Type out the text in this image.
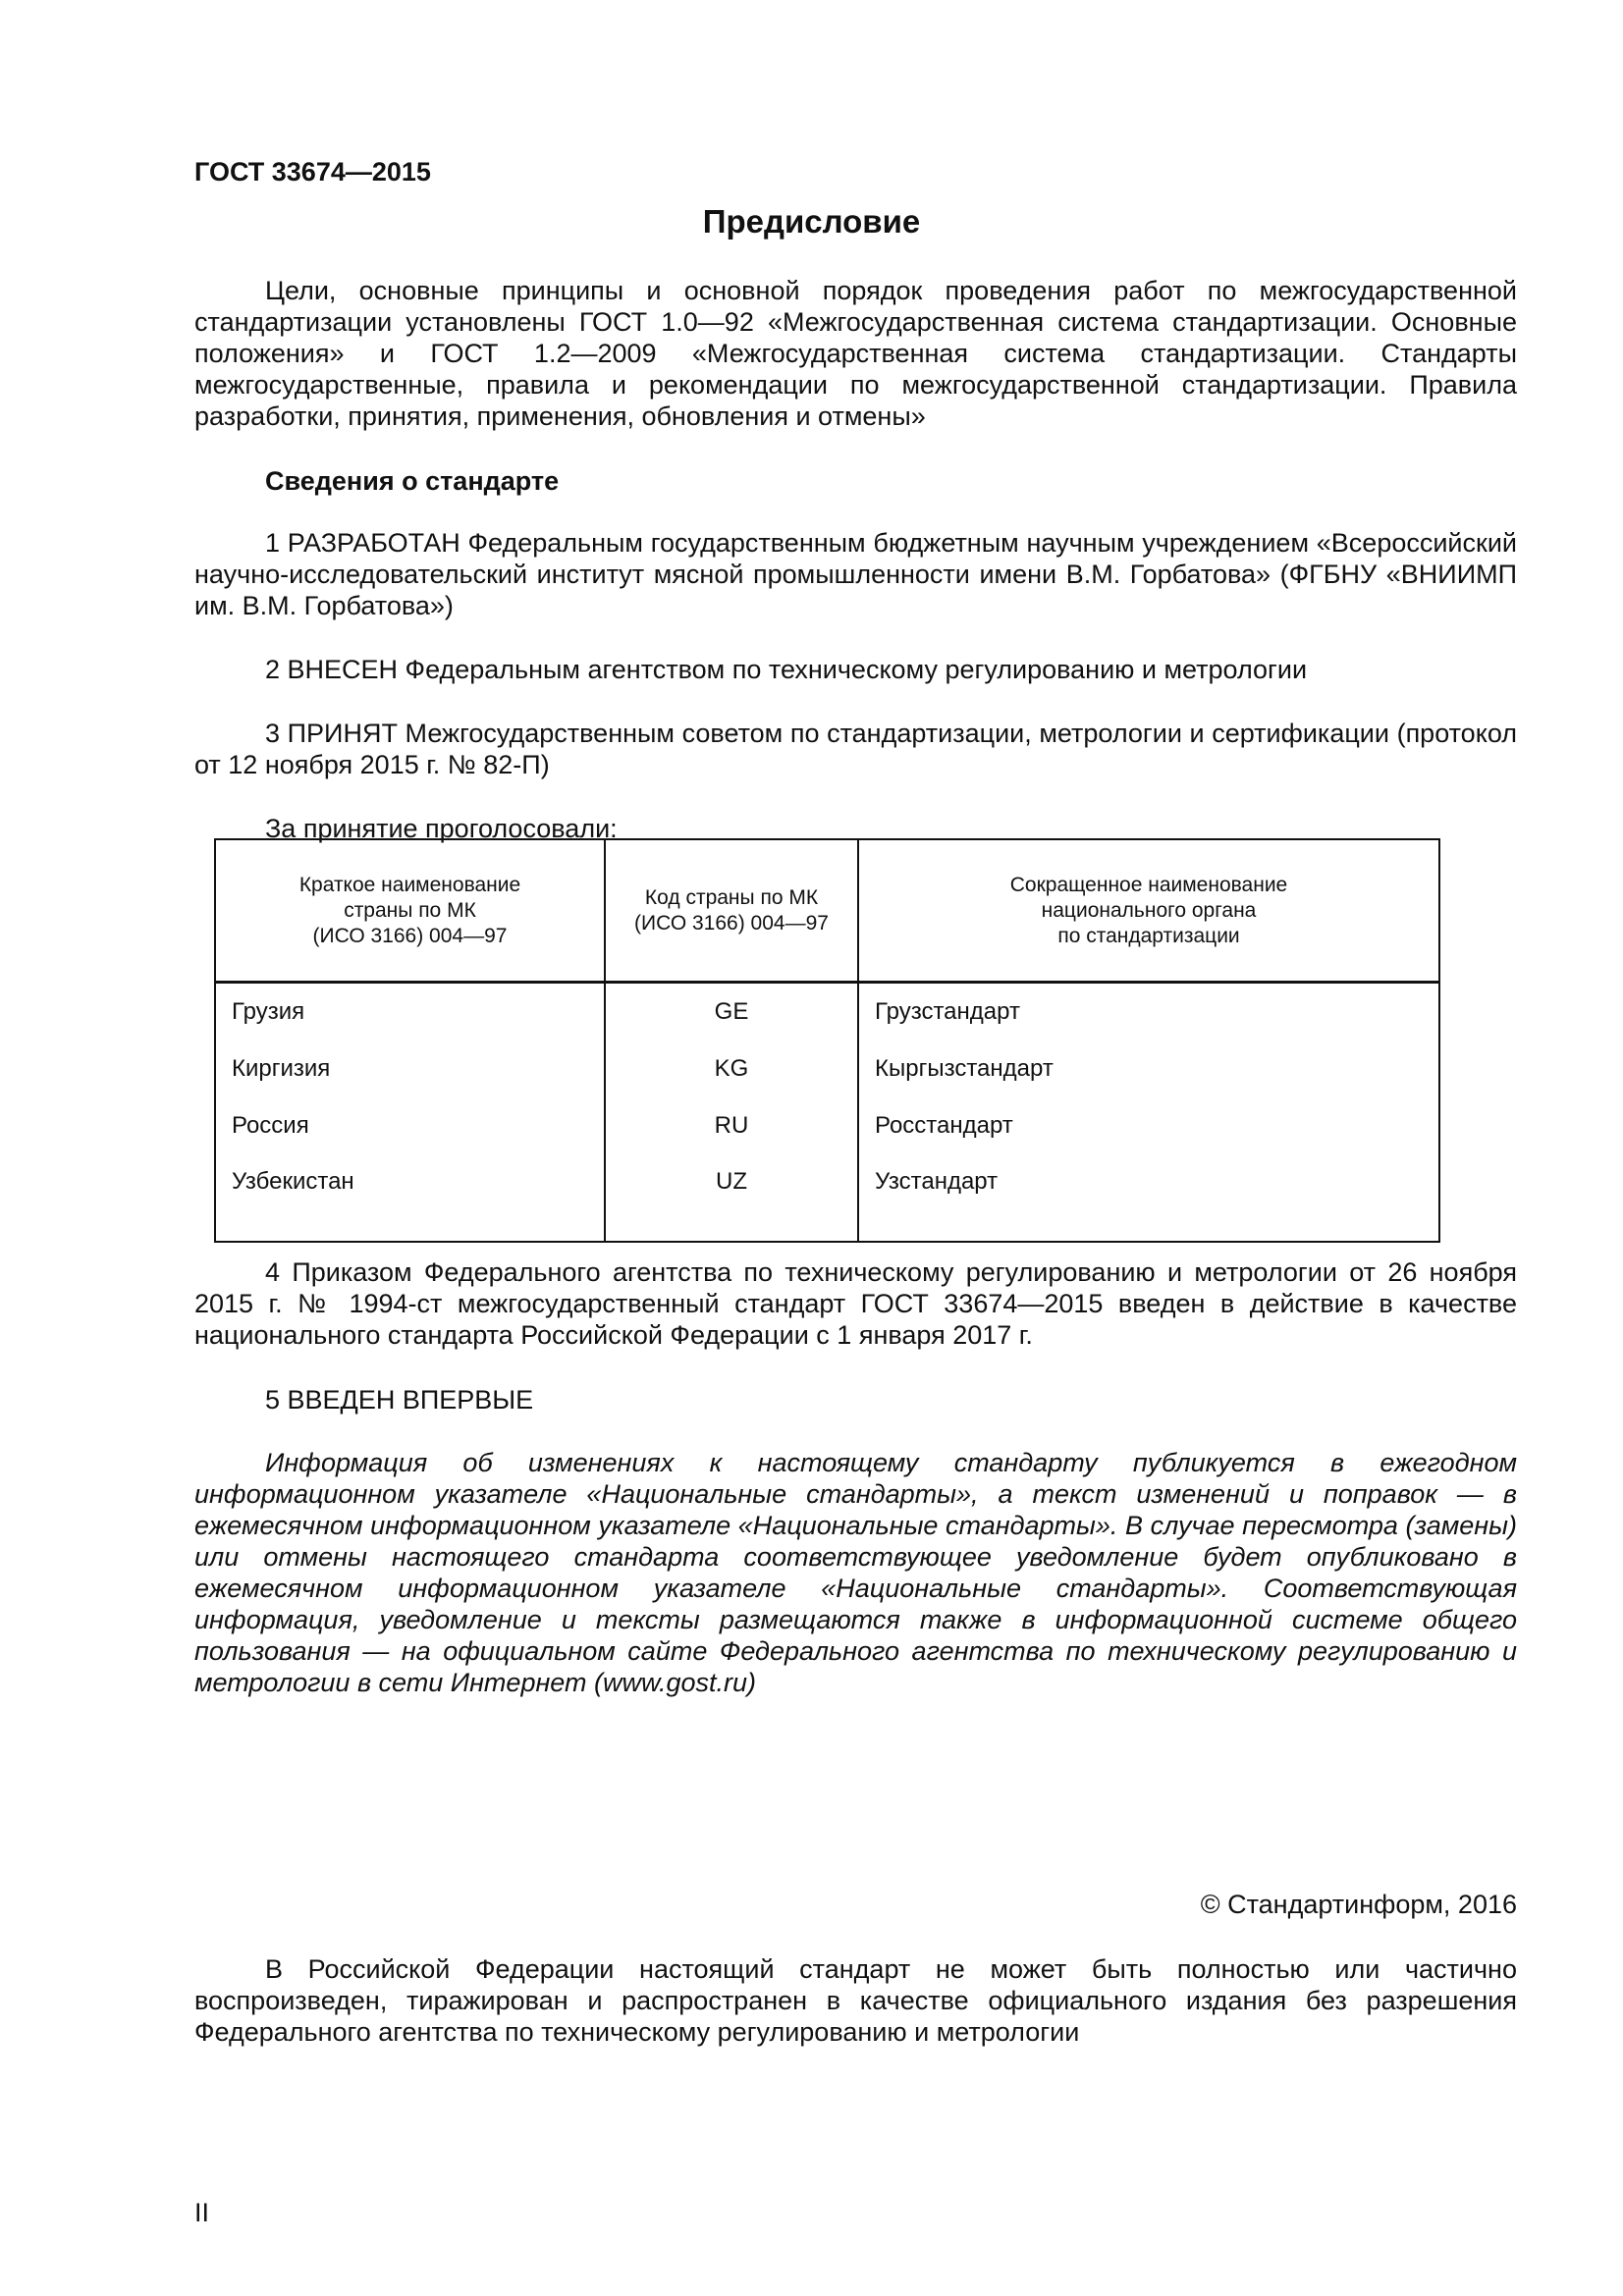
ГОСТ 33674—2015

Предисловие

Цели, основные принципы и основной порядок проведения работ по межгосударственной стандартизации установлены ГОСТ 1.0—92 «Межгосударственная система стандартизации. Основные положения» и ГОСТ 1.2—2009 «Межгосударственная система стандартизации. Стандарты межгосударственные, правила и рекомендации по межгосударственной стандартизации. Правила разработки, принятия, применения, обновления и отмены»

Сведения о стандарте

1 РАЗРАБОТАН Федеральным государственным бюджетным научным учреждением «Всероссийский научно-исследовательский институт мясной промышленности имени В.М. Горбатова» (ФГБНУ «ВНИИМП им. В.М. Горбатова»)

2 ВНЕСЕН Федеральным агентством по техническому регулированию и метрологии

3 ПРИНЯТ Межгосударственным советом по стандартизации, метрологии и сертификации (протокол от 12 ноября 2015 г. № 82-П)

За принятие проголосовали:

Краткое наименование
страны по МК
(ИСО 3166) 004—97	Код страны по МК
(ИСО 3166) 004—97	Сокращенное наименование
национального органа
по стандартизации

Грузия	GE	Грузстандарт
Киргизия	KG	Кыргызстандарт
Россия	RU	Росстандарт
Узбекистан	UZ	Узстандарт

4 Приказом Федерального агентства по техническому регулированию и метрологии от 26 ноября 2015 г. № 1994-ст межгосударственный стандарт ГОСТ 33674—2015 введен в действие в качестве национального стандарта Российской Федерации с 1 января 2017 г.

5 ВВЕДЕН ВПЕРВЫЕ

Информация об изменениях к настоящему стандарту публикуется в ежегодном информационном указателе «Национальные стандарты», а текст изменений и поправок — в ежемесячном информационном указателе «Национальные стандарты». В случае пересмотра (замены) или отмены настоящего стандарта соответствующее уведомление будет опубликовано в ежемесячном информационном указателе «Национальные стандарты». Соответствующая информация, уведомление и тексты размещаются также в информационной системе общего пользования — на официальном сайте Федерального агентства по техническому регулированию и метрологии в сети Интернет (www.gost.ru)

© Стандартинформ, 2016

В Российской Федерации настоящий стандарт не может быть полностью или частично воспроизведен, тиражирован и распространен в качестве официального издания без разрешения Федерального агентства по техническому регулированию и метрологии

II
